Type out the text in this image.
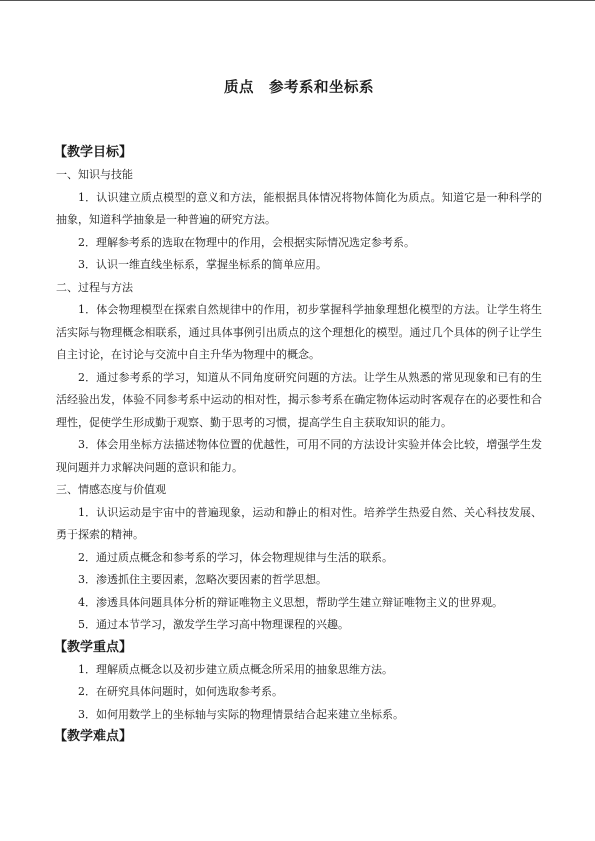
质点　参考系和坐标系
【教学目标】
一、知识与技能
1．认识建立质点模型的意义和方法，能根据具体情况将物体简化为质点。知道它是一种科学的抽象，知道科学抽象是一种普遍的研究方法。
2．理解参考系的选取在物理中的作用，会根据实际情况选定参考系。
3．认识一维直线坐标系，掌握坐标系的简单应用。
二、过程与方法
1．体会物理模型在探索自然规律中的作用，初步掌握科学抽象理想化模型的方法。让学生将生活实际与物理概念相联系，通过具体事例引出质点的这个理想化的模型。通过几个具体的例子让学生自主讨论，在讨论与交流中自主升华为物理中的概念。
2．通过参考系的学习，知道从不同角度研究问题的方法。让学生从熟悉的常见现象和已有的生活经验出发，体验不同参考系中运动的相对性，揭示参考系在确定物体运动时客观存在的必要性和合理性，促使学生形成勤于观察、勤于思考的习惯，提高学生自主获取知识的能力。
3．体会用坐标方法描述物体位置的优越性，可用不同的方法设计实验并体会比较，增强学生发现问题并力求解决问题的意识和能力。
三、情感态度与价值观
1．认识运动是宇宙中的普遍现象，运动和静止的相对性。培养学生热爱自然、关心科技发展、勇于探索的精神。
2．通过质点概念和参考系的学习，体会物理规律与生活的联系。
3．渗透抓住主要因素，忽略次要因素的哲学思想。
4．渗透具体问题具体分析的辩证唯物主义思想，帮助学生建立辩证唯物主义的世界观。
5．通过本节学习，激发学生学习高中物理课程的兴趣。
【教学重点】
1．理解质点概念以及初步建立质点概念所采用的抽象思维方法。
2．在研究具体问题时，如何选取参考系。
3．如何用数学上的坐标轴与实际的物理情景结合起来建立坐标系。
【教学难点】
